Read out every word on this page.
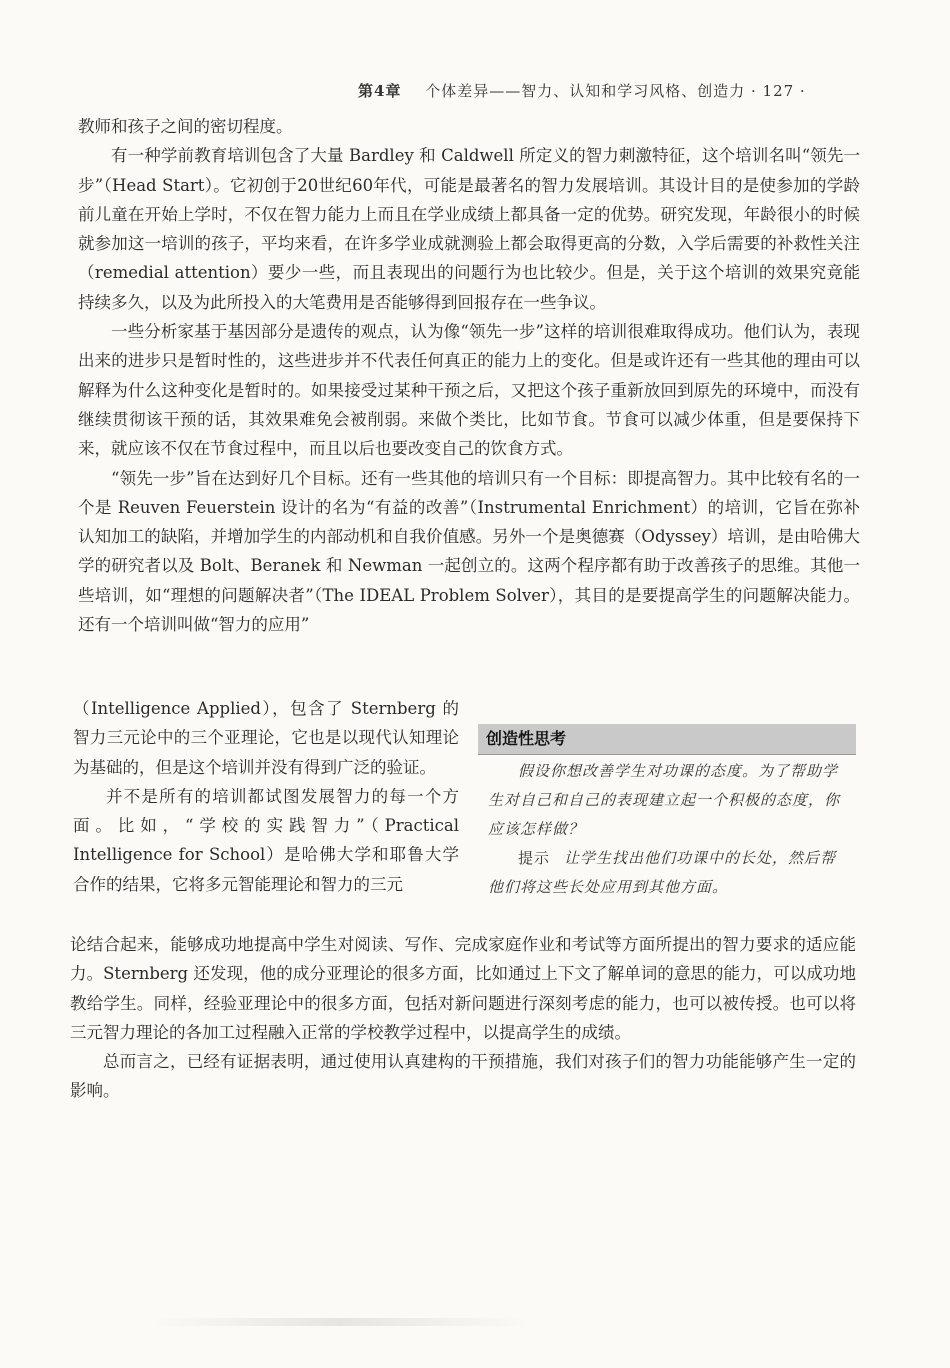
第4章 个体差异——智力、认知和学习风格、创造力 · 127 ·

教师和孩子之间的密切程度。

有一种学前教育培训包含了大量 Bardley 和 Caldwell 所定义的智力刺激特征，这个培训名叫“领先一步”（Head Start）。它初创于20世纪60年代，可能是最著名的智力发展培训。其设计目的是使参加的学龄前儿童在开始上学时，不仅在智力能力上而且在学业成绩上都具备一定的优势。研究发现，年龄很小的时候就参加这一培训的孩子，平均来看，在许多学业成就测验上都会取得更高的分数，入学后需要的补救性关注（remedial attention）要少一些，而且表现出的问题行为也比较少。但是，关于这个培训的效果究竟能持续多久，以及为此所投入的大笔费用是否能够得到回报存在一些争议。

一些分析家基于基因部分是遗传的观点，认为像“领先一步”这样的培训很难取得成功。他们认为，表现出来的进步只是暂时性的，这些进步并不代表任何真正的能力上的变化。但是或许还有一些其他的理由可以解释为什么这种变化是暂时的。如果接受过某种干预之后，又把这个孩子重新放回到原先的环境中，而没有继续贯彻该干预的话，其效果难免会被削弱。来做个类比，比如节食。节食可以减少体重，但是要保持下来，就应该不仅在节食过程中，而且以后也要改变自己的饮食方式。

“领先一步”旨在达到好几个目标。还有一些其他的培训只有一个目标：即提高智力。其中比较有名的一个是 Reuven Feuerstein 设计的名为“有益的改善”（Instrumental Enrichment）的培训，它旨在弥补认知加工的缺陷，并增加学生的内部动机和自我价值感。另外一个是奥德赛（Odyssey）培训，是由哈佛大学的研究者以及 Bolt、Beranek 和 Newman 一起创立的。这两个程序都有助于改善孩子的思维。其他一些培训，如“理想的问题解决者”（The IDEAL Problem Solver），其目的是要提高学生的问题解决能力。还有一个培训叫做“智力的应用”

（Intelligence Applied），包含了 Sternberg 的智力三元论中的三个亚理论，它也是以现代认知理论为基础的，但是这个培训并没有得到广泛的验证。

并不是所有的培训都试图发展智力的每一个方面。比如，“学校的实践智力”（Practical Intelligence for School）是哈佛大学和耶鲁大学合作的结果，它将多元智能理论和智力的三元

创造性思考

假设你想改善学生对功课的态度。为了帮助学生对自己和自己的表现建立起一个积极的态度，你应该怎样做？

提示 让学生找出他们功课中的长处，然后帮他们将这些长处应用到其他方面。

论结合起来，能够成功地提高中学生对阅读、写作、完成家庭作业和考试等方面所提出的智力要求的适应能力。Sternberg 还发现，他的成分亚理论的很多方面，比如通过上下文了解单词的意思的能力，可以成功地教给学生。同样，经验亚理论中的很多方面，包括对新问题进行深刻考虑的能力，也可以被传授。也可以将三元智力理论的各加工过程融入正常的学校教学过程中，以提高学生的成绩。

总而言之，已经有证据表明，通过使用认真建构的干预措施，我们对孩子们的智力功能能够产生一定的影响。
